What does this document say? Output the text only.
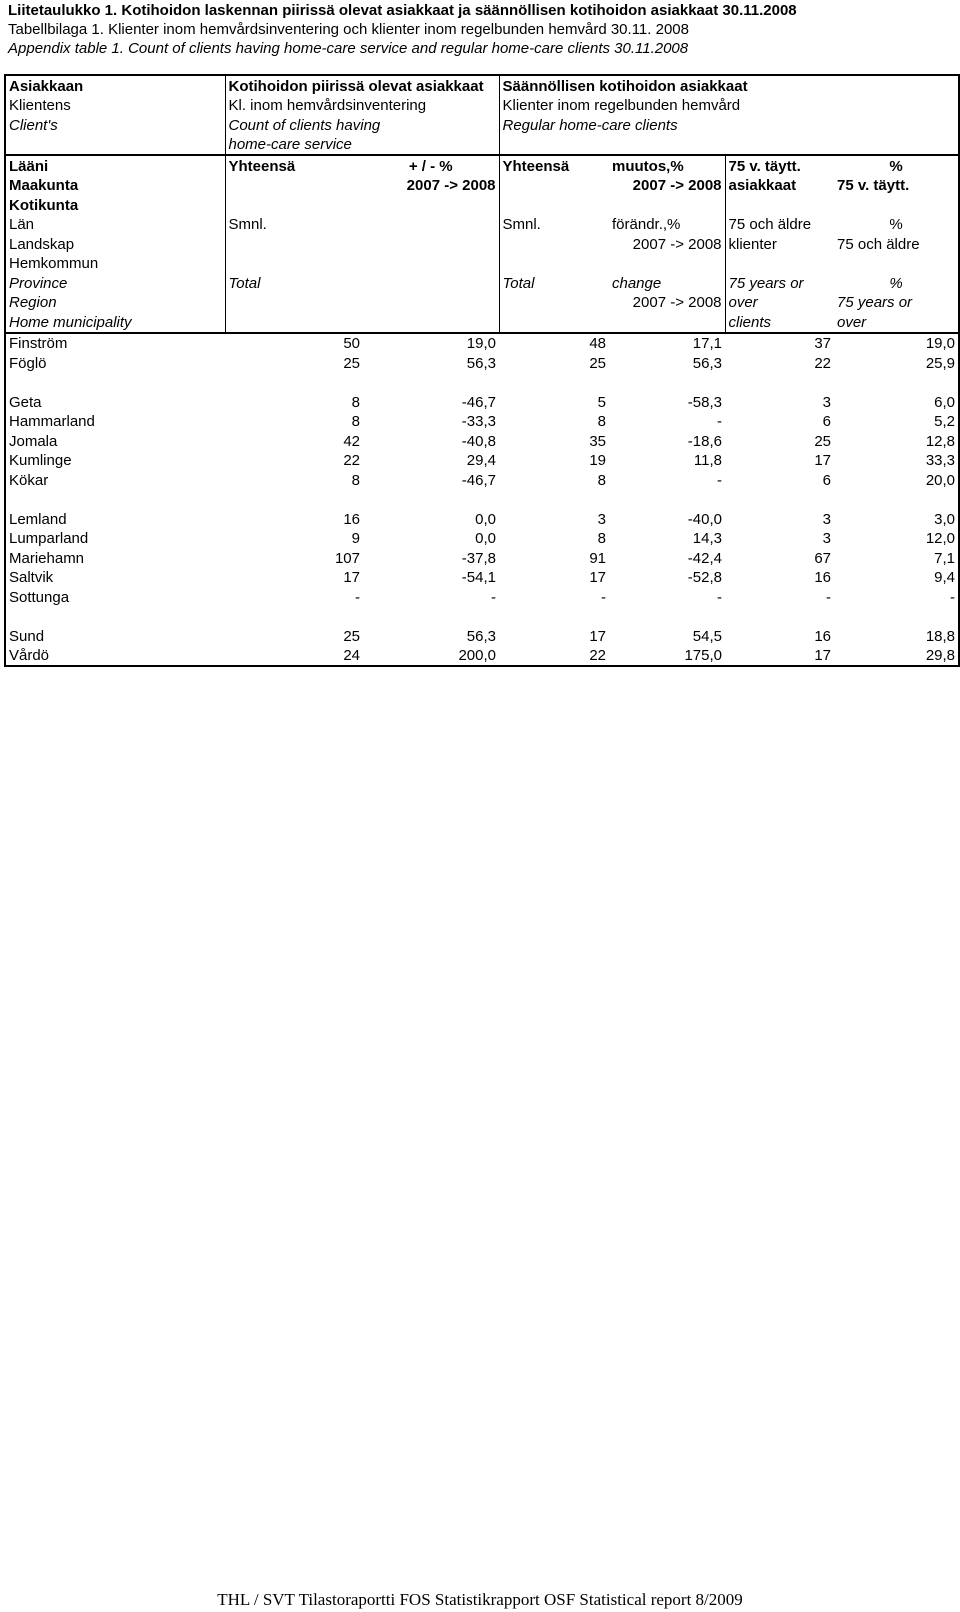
Liitetaulukko 1. Kotihoidon laskennan piirissä olevat asiakkaat ja säännöllisen kotihoidon asiakkaat 30.11.2008
Tabellbilaga 1. Klienter inom hemvårdsinventering och klienter inom regelbunden hemvård 30.11. 2008
Appendix table 1. Count of clients having home-care service and regular home-care clients 30.11.2008
Asiakkaan	Kotihoidon piirissä olevat asiakkaat		Säännöllisen kotihoidon asiakkaat			
Klientens	Kl. inom hemvårdsinventering		Klienter inom regelbunden hemvård			
Client's	Count of clients having		Regular home-care clients			
	home-care service					
Lääni	Yhteensä	+ / - %	Yhteensä	muutos,%	75 v. täytt.	%
Maakunta		2007 -> 2008		2007 -> 2008	asiakkaat	75 v. täytt.
Kotikunta						
Län	Smnl.		Smnl.	förändr.,%	75 och äldre	%
Landskap				2007 -> 2008	klienter	75 och äldre
Hemkommun						
Province	Total		Total	change	75 years or	%
Region				2007 -> 2008	over	75 years or
Home municipality					clients	over
Finström	50	19,0	48	17,1	37	19,0
Föglö	25	56,3	25	56,3	22	25,9

Geta	8	-46,7	5	-58,3	3	6,0
Hammarland	8	-33,3	8	-	6	5,2
Jomala	42	-40,8	35	-18,6	25	12,8
Kumlinge	22	29,4	19	11,8	17	33,3
Kökar	8	-46,7	8	-	6	20,0

Lemland	16	0,0	3	-40,0	3	3,0
Lumparland	9	0,0	8	14,3	3	12,0
Mariehamn	107	-37,8	91	-42,4	67	7,1
Saltvik	17	-54,1	17	-52,8	16	9,4
Sottunga	-	-	-	-	-	-

Sund	25	56,3	17	54,5	16	18,8
Vårdö	24	200,0	22	175,0	17	29,8
THL / SVT Tilastoraportti FOS Statistikrapport OSF Statistical report 8/2009
